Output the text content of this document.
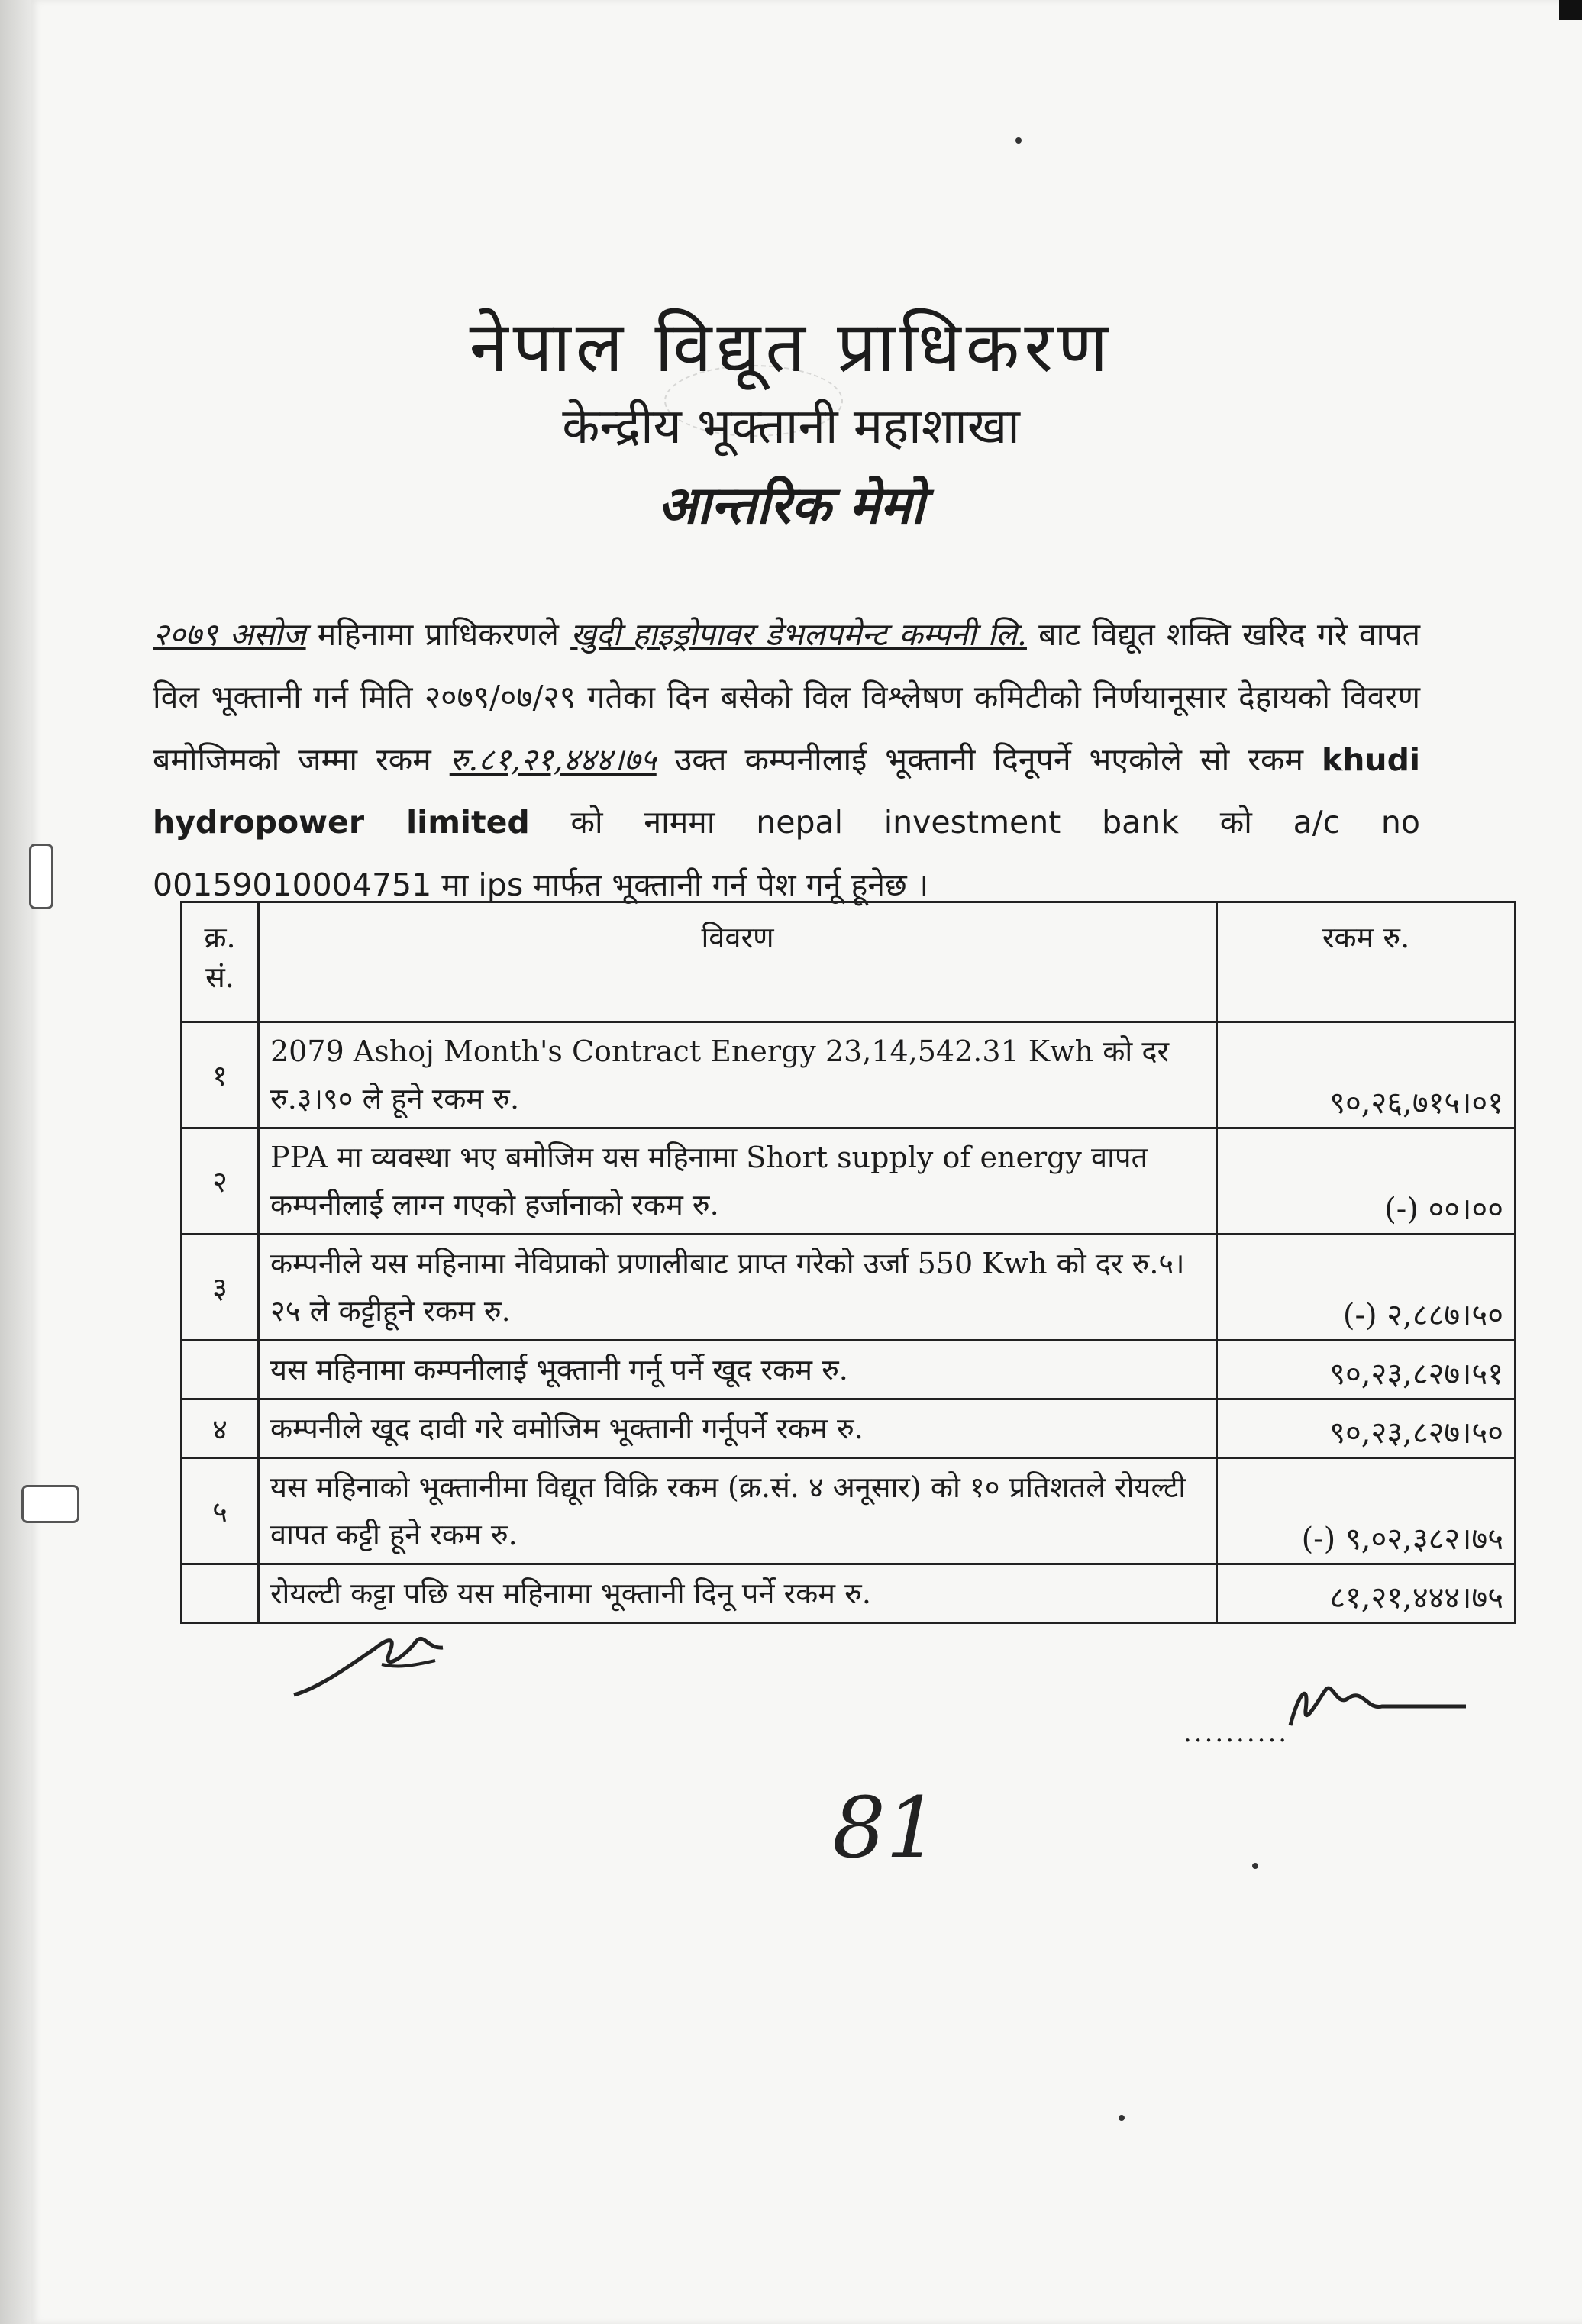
नेपाल विद्यूत प्राधिकरण
केन्द्रीय भूक्तानी महाशाखा
आन्तरिक मेमो
२०७९ असोज महिनामा प्राधिकरणले खुदी हाइड्रोपावर डेभलपमेन्ट कम्पनी लि. बाट विद्यूत शक्ति खरिद गरे वापत विल भूक्तानी गर्न मिति २०७९/०७/२९ गतेका दिन बसेको विल विश्लेषण कमिटीको निर्णयानूसार देहायको विवरण बमोजिमको जम्मा रकम रु.८१,२१,४४४।७५ उक्त कम्पनीलाई भूक्तानी दिनूपर्ने भएकोले सो रकम khudi hydropower limited को नाममा nepal investment bank को a/c no 00159010004751 मा ips मार्फत भूक्तानी गर्न पेश गर्नू हूनेछ ।
क्र. सं.	विवरण	रकम रु.
१	2079 Ashoj Month's Contract Energy 23,14,542.31 Kwh को दर रु.३।९० ले हूने रकम रु.	९०,२६,७१५।०१
२	PPA मा व्यवस्था भए बमोजिम यस महिनामा Short supply of energy वापत कम्पनीलाई लाग्न गएको हर्जानाको रकम रु.	(-) ००।००
३	कम्पनीले यस महिनामा नेविप्राको प्रणालीबाट प्राप्त गरेको उर्जा 550 Kwh को दर रु.५।२५ ले कट्टीहूने रकम रु.	(-) २,८८७।५०
	यस महिनामा कम्पनीलाई भूक्तानी गर्नू पर्ने खूद रकम रु.	९०,२३,८२७।५१
४	कम्पनीले खूद दावी गरे वमोजिम भूक्तानी गर्नूपर्ने रकम रु.	९०,२३,८२७।५०
५	यस महिनाको भूक्तानीमा विद्यूत विक्रि रकम (क्र.सं. ४ अनूसार) को १० प्रतिशतले रोयल्टी वापत कट्टी हूने रकम रु.	(-) ९,०२,३८२।७५
	रोयल्टी कट्टा पछि यस महिनामा भूक्तानी दिनू पर्ने रकम रु.	८१,२१,४४४।७५
..........
81
